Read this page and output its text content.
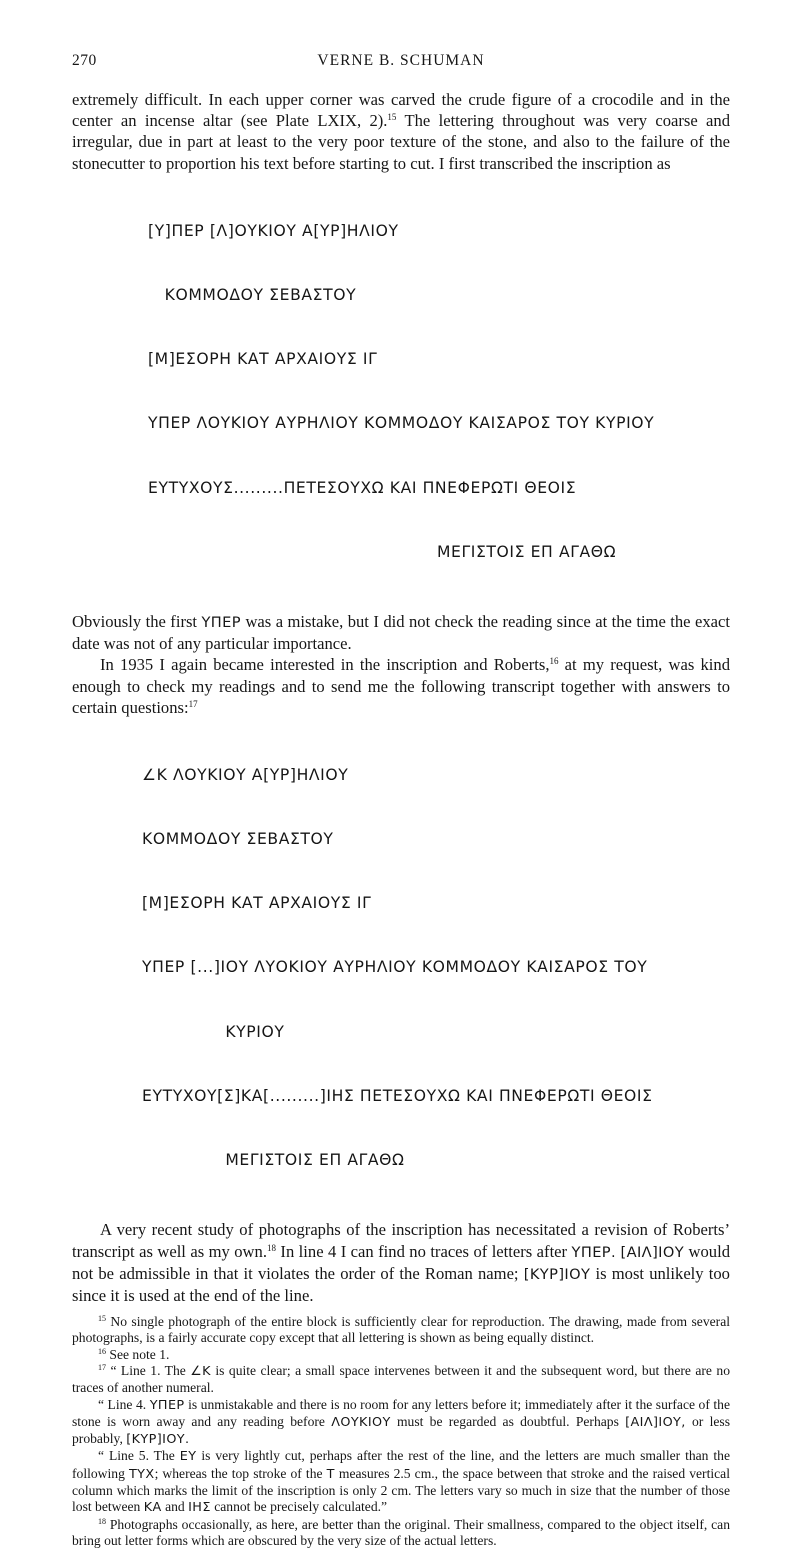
270	VERNE B. SCHUMAN

extremely difficult. In each upper corner was carved the crude figure of a crocodile and in the center an incense altar (see Plate LXIX, 2).$^{15}$ The lettering throughout was very coarse and irregular, due in part at least to the very poor texture of the stone, and also to the failure of the stonecutter to proportion his text before starting to cut. I first transcribed the inscription as

[Υ]ΠΕΡ [Λ]ΟΥΚΙΟΥ Α[ΥΡ]ΗΛΙΟΥ

ΚΟΜΜΟΔΟΥ ΣΕΒΑΣΤΟΥ

[Μ]ΕΣΟΡΗ ΚΑΤ ΑΡΧΑΙΟΥΣ ΙΓ

ΥΠΕΡ ΛΟΥΚΙΟΥ ΑΥΡΗΛΙΟΥ ΚΟΜΜΟΔΟΥ ΚΑΙΣΑΡΟΣ ΤΟΥ ΚΥΡΙΟΥ

ΕΥΤΥΧΟΥΣ.........ΠΕΤΕΣΟΥΧΩ ΚΑΙ ΠΝΕΦΕΡΩΤΙ ΘΕΟΙΣ

ΜΕΓΙΣΤΟΙΣ ΕΠ ΑΓΑΘΩ

Obviously the first ΥΠΕΡ was a mistake, but I did not check the reading since at the time the exact date was not of any particular importance.

In 1935 I again became interested in the inscription and Roberts,$^{16}$ at my request, was kind enough to check my readings and to send me the following transcript together with answers to certain questions:$^{17}$

∠Κ ΛΟΥΚΙΟΥ Α[ΥΡ]ΗΛΙΟΥ

ΚΟΜΜΟΔΟΥ ΣΕΒΑΣΤΟΥ

[Μ]ΕΣΟΡΗ ΚΑΤ ΑΡΧΑΙΟΥΣ ΙΓ

ΥΠΕΡ [...]ΙΟΥ ΛΥΟΚΙΟΥ ΑΥΡΗΛΙΟΥ ΚΟΜΜΟΔΟΥ ΚΑΙΣΑΡΟΣ ΤΟΥ

ΚΥΡΙΟΥ

ΕΥΤΥΧΟΥ[Σ]ΚΑ[.........]ΙΗΣ ΠΕΤΕΣΟΥΧΩ ΚΑΙ ΠΝΕΦΕΡΩΤΙ ΘΕΟΙΣ

ΜΕΓΙΣΤΟΙΣ ΕΠ ΑΓΑΘΩ

A very recent study of photographs of the inscription has necessitated a revision of Roberts’ transcript as well as my own.$^{18}$ In line 4 I can find no traces of letters after ΥΠΕΡ. [ΑΙΛ]ΙΟΥ would not be admissible in that it violates the order of the Roman name; [ΚΥΡ]ΙΟΥ is most unlikely too since it is used at the end of the line.

$^{15}$ No single photograph of the entire block is sufficiently clear for reproduction. The drawing, made from several photographs, is a fairly accurate copy except that all lettering is shown as being equally distinct.

$^{16}$ See note 1.

$^{17}$ “ Line 1. The ∠Κ is quite clear; a small space intervenes between it and the subsequent word, but there are no traces of another numeral.

“ Line 4. ΥΠΕΡ is unmistakable and there is no room for any letters before it; immediately after it the surface of the stone is worn away and any reading before ΛΟΥΚΙΟΥ must be regarded as doubtful. Perhaps [ΑΙΛ]ΙΟΥ, or less probably, [ΚΥΡ]ΙΟΥ.

“ Line 5. The ΕΥ is very lightly cut, perhaps after the rest of the line, and the letters are much smaller than the following ΤΥΧ; whereas the top stroke of the Τ measures 2.5 cm., the space between that stroke and the raised vertical column which marks the limit of the inscription is only 2 cm. The letters vary so much in size that the number of those lost between ΚΑ and ΙΗΣ cannot be precisely calculated.”

$^{18}$ Photographs occasionally, as here, are better than the original. Their smallness, compared to the object itself, can bring out letter forms which are obscured by the very size of the actual letters.
